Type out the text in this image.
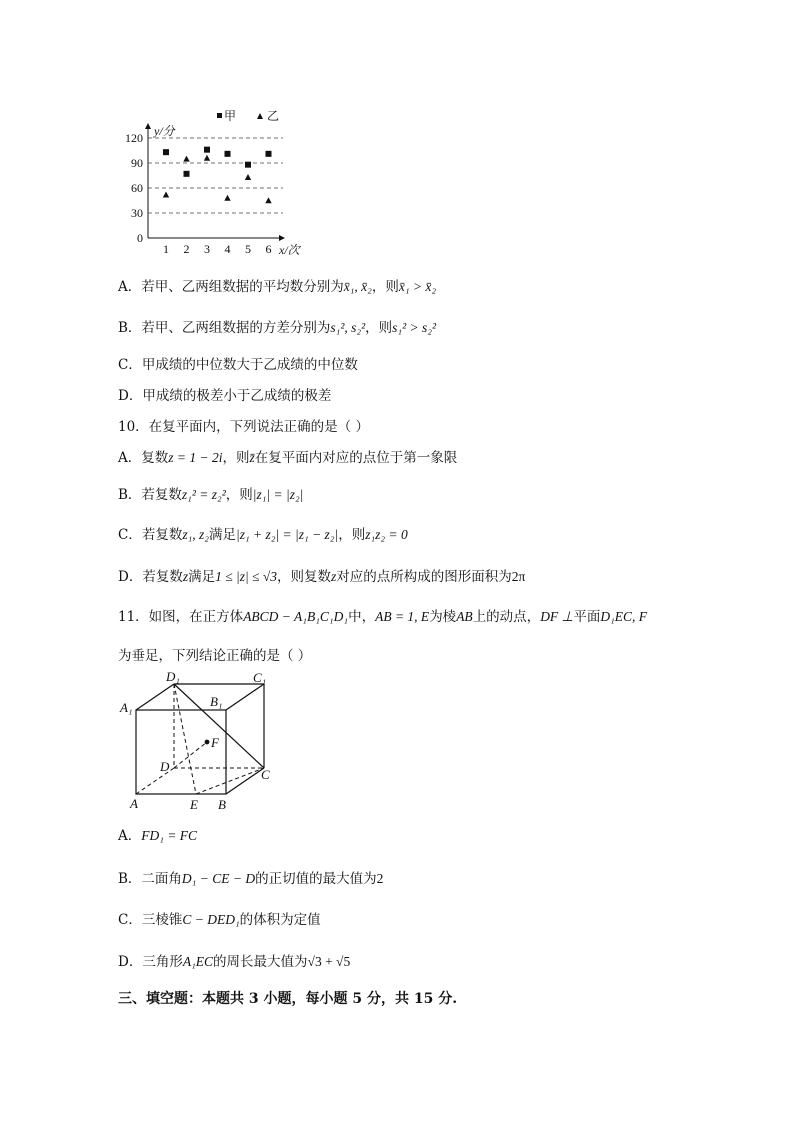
0
30
60
90
120
1 2 3 4 5 6
y/分
x/次
甲	乙
A．若甲、乙两组数据的平均数分别为x̄₁, x̄₂，则x̄₁ > x̄₂
B．若甲、乙两组数据的方差分别为s₁², s₂²，则s₁² > s₂²
C．甲成绩的中位数大于乙成绩的中位数
D．甲成绩的极差小于乙成绩的极差
10．在复平面内，下列说法正确的是（ ）
A．复数z = 1 − 2i，则z̄在复平面内对应的点位于第一象限
B．若复数z₁² = z₂²，则|z₁| = |z₂|
C．若复数z₁, z₂满足|z₁ + z₂| = |z₁ − z₂|，则z₁z₂ = 0
D．若复数z满足1 ≤ |z| ≤ √3，则复数z对应的点所构成的图形面积为2π
11．如图，在正方体ABCD − A₁B₁C₁D₁中，AB = 1, E为棱AB上的动点，DF ⊥平面D₁EC, F
为垂足，下列结论正确的是（ ）
D₁	C₁
A₁	B₁
F
D
C
A	E B
A．FD₁ = FC
B．二面角D₁ − CE − D的正切值的最大值为2
C．三棱锥C − DED₁的体积为定值
D．三角形A₁EC的周长最大值为√3 + √5
三、填空题：本题共 3 小题，每小题 5 分，共 15 分.
